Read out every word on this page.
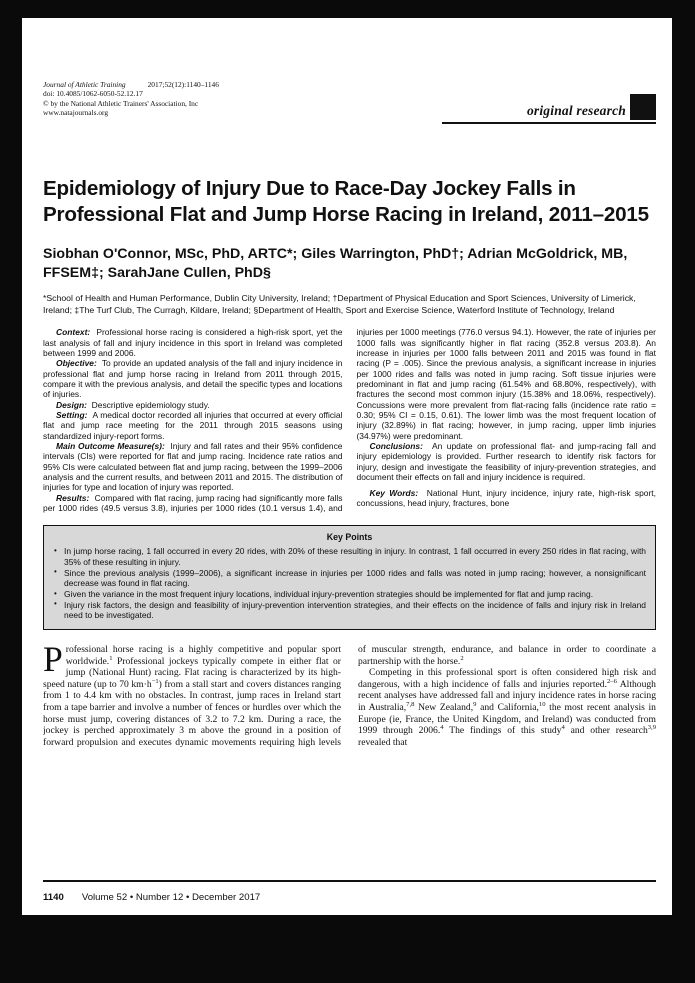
Journal of Athletic Training	2017;52(12):1140–1146
doi: 10.4085/1062-6050-52.12.17
© by the National Athletic Trainers' Association, Inc
www.natajournals.org	original research
Epidemiology of Injury Due to Race-Day Jockey Falls in Professional Flat and Jump Horse Racing in Ireland, 2011–2015
Siobhan O'Connor, MSc, PhD, ARTC*; Giles Warrington, PhD†; Adrian McGoldrick, MB, FFSEM‡; SarahJane Cullen, PhD§
*School of Health and Human Performance, Dublin City University, Ireland; †Department of Physical Education and Sport Sciences, University of Limerick, Ireland; ‡The Turf Club, The Curragh, Kildare, Ireland; §Department of Health, Sport and Exercise Science, Waterford Institute of Technology, Ireland

Context: Professional horse racing is considered a high-risk sport, yet the last analysis of fall and injury incidence in this sport in Ireland was completed between 1999 and 2006.

Objective: To provide an updated analysis of the fall and injury incidence in professional flat and jump horse racing in Ireland from 2011 through 2015, compare it with the previous analysis, and detail the specific types and locations of injuries.

Design: Descriptive epidemiology study.

Setting: A medical doctor recorded all injuries that occurred at every official flat and jump race meeting for the 2011 through 2015 seasons using standardized injury-report forms.

Main Outcome Measure(s): Injury and fall rates and their 95% confidence intervals (CIs) were reported for flat and jump racing. Incidence rate ratios and 95% CIs were calculated between flat and jump racing, between the 1999–2006 analysis and the current results, and between 2011 and 2015. The distribution of injuries for type and location of injury was reported.

Results: Compared with flat racing, jump racing had significantly more falls per 1000 rides (49.5 versus 3.8), injuries per 1000 rides (10.1 versus 1.4), and injuries per 1000 meetings (776.0 versus 94.1). However, the rate of injuries per 1000 falls was significantly higher in flat racing (352.8 versus 203.8). An increase in injuries per 1000 falls between 2011 and 2015 was found in flat racing (P = .005). Since the previous analysis, a significant increase in injuries per 1000 rides and falls was noted in jump racing. Soft tissue injuries were predominant in flat and jump racing (61.54% and 68.80%, respectively), with fractures the second most common injury (15.38% and 18.06%, respectively). Concussions were more prevalent from flat-racing falls (incidence rate ratio = 0.30; 95% CI = 0.15, 0.61). The lower limb was the most frequent location of injury (32.89%) in flat racing; however, in jump racing, upper limb injuries (34.97%) were predominant.

Conclusions: An update on professional flat- and jump-racing fall and injury epidemiology is provided. Further research to identify risk factors for injury, design and investigate the feasibility of injury-prevention strategies, and document their effects on fall and injury incidence is required.

Key Words: National Hunt, injury incidence, injury rate, high-risk sport, concussions, head injury, fractures, bone

Key Points
• In jump horse racing, 1 fall occurred in every 20 rides, with 20% of these resulting in injury. In contrast, 1 fall occurred in every 250 rides in flat racing, with 35% of these resulting in injury.
• Since the previous analysis (1999–2006), a significant increase in injuries per 1000 rides and falls was noted in jump racing; however, a nonsignificant decrease was found in flat racing.
• Given the variance in the most frequent injury locations, individual injury-prevention strategies should be implemented for flat and jump racing.
• Injury risk factors, the design and feasibility of injury-prevention intervention strategies, and their effects on the incidence of falls and injury risk in Ireland need to be investigated.

Professional horse racing is a highly competitive and popular sport worldwide.$^1$ Professional jockeys typically compete in either flat or jump (National Hunt) racing. Flat racing is characterized by its high-speed nature (up to 70 $km\cdot h^{-1}$) from a stall start and covers distances ranging from 1 to 4.4 km with no obstacles. In contrast, jump races in Ireland start from a tape barrier and involve a number of fences or hurdles over which the horse must jump, covering distances of 3.2 to 7.2 km. During a race, the jockey is perched approximately 3 m above the ground in a position of forward propulsion and executes dynamic movements requiring high levels of muscular strength, endurance, and balance in order to coordinate a partnership with the horse.$^2$

Competing in this professional sport is often considered high risk and dangerous, with a high incidence of falls and injuries reported.$^{2-6}$ Although recent analyses have addressed fall and injury incidence rates in horse racing in Australia,$^{7,8}$ New Zealand,$^9$ and California,$^{10}$ the most recent analysis in Europe (ie, France, the United Kingdom, and Ireland) was conducted from 1999 through 2006.$^4$ The findings of this study$^4$ and other research$^{3,9}$ revealed that

1140 Volume 52 • Number 12 • December 2017
